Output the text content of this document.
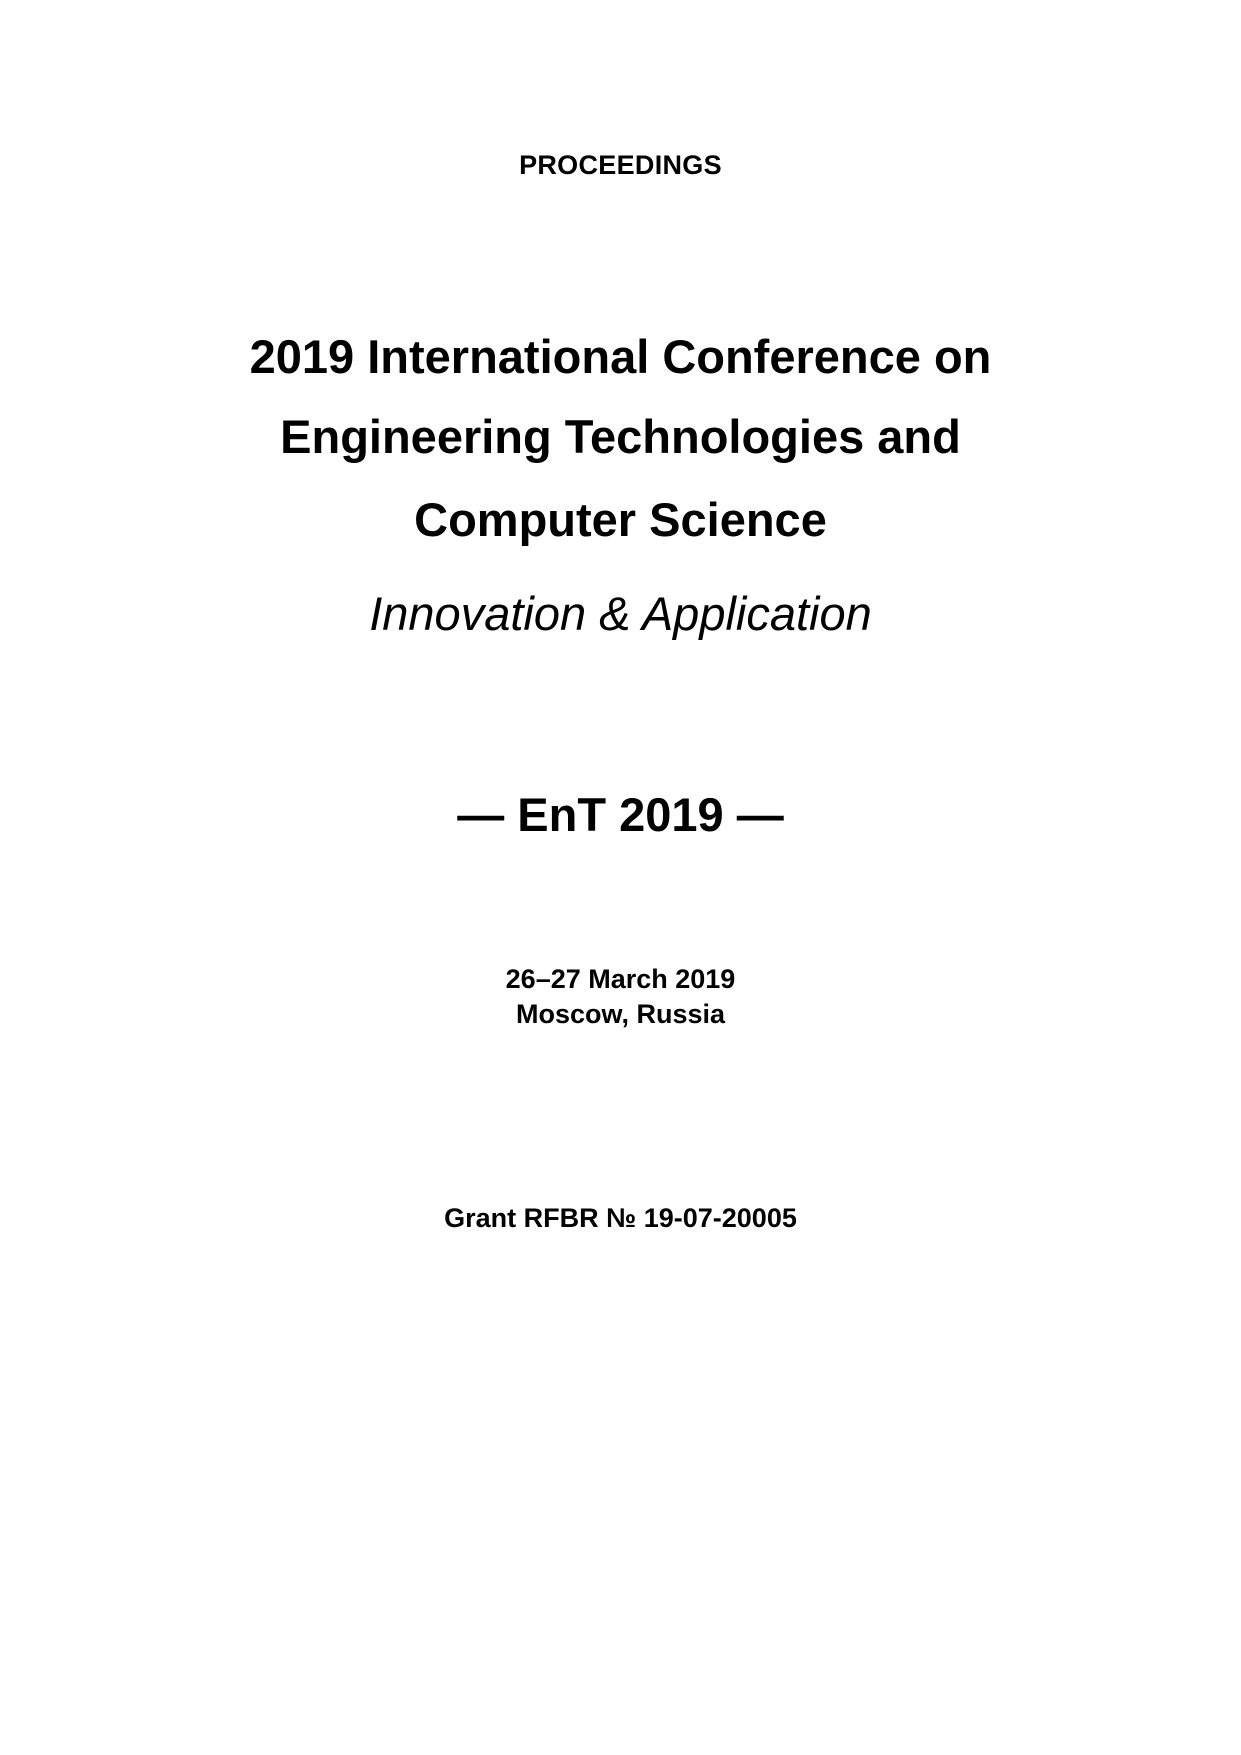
PROCEEDINGS

2019 International Conference on

Engineering Technologies and

Computer Science

Innovation & Application

— EnT 2019 —

26–27 March 2019

Moscow, Russia

Grant RFBR № 19-07-20005
